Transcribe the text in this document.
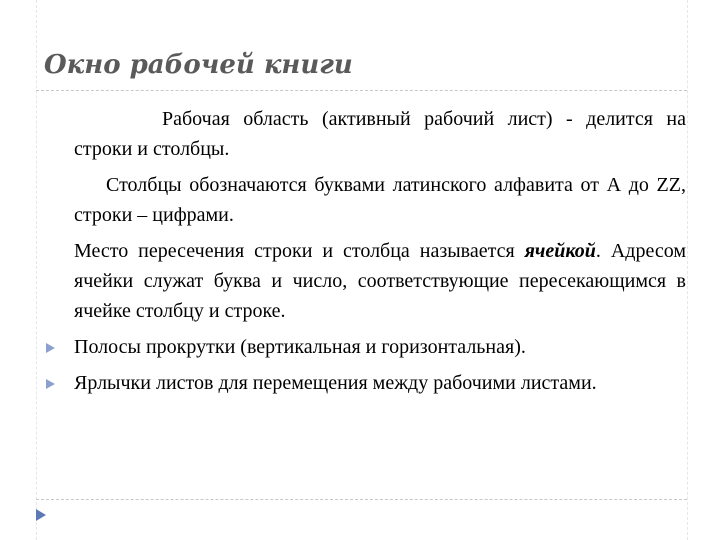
Окно рабочей книги

Рабочая область (активный рабочий лист) - делится на строки и столбцы.

Столбцы обозначаются буквами латинского алфавита от А до ZZ, строки – цифрами.

Место пересечения строки и столбца называется ячейкой. Адресом ячейки служат буква и число, соответствующие пересекающимся в ячейке столбцу и строке.

Полосы прокрутки (вертикальная и горизонтальная).
Ярлычки листов для перемещения между рабочими листами.
